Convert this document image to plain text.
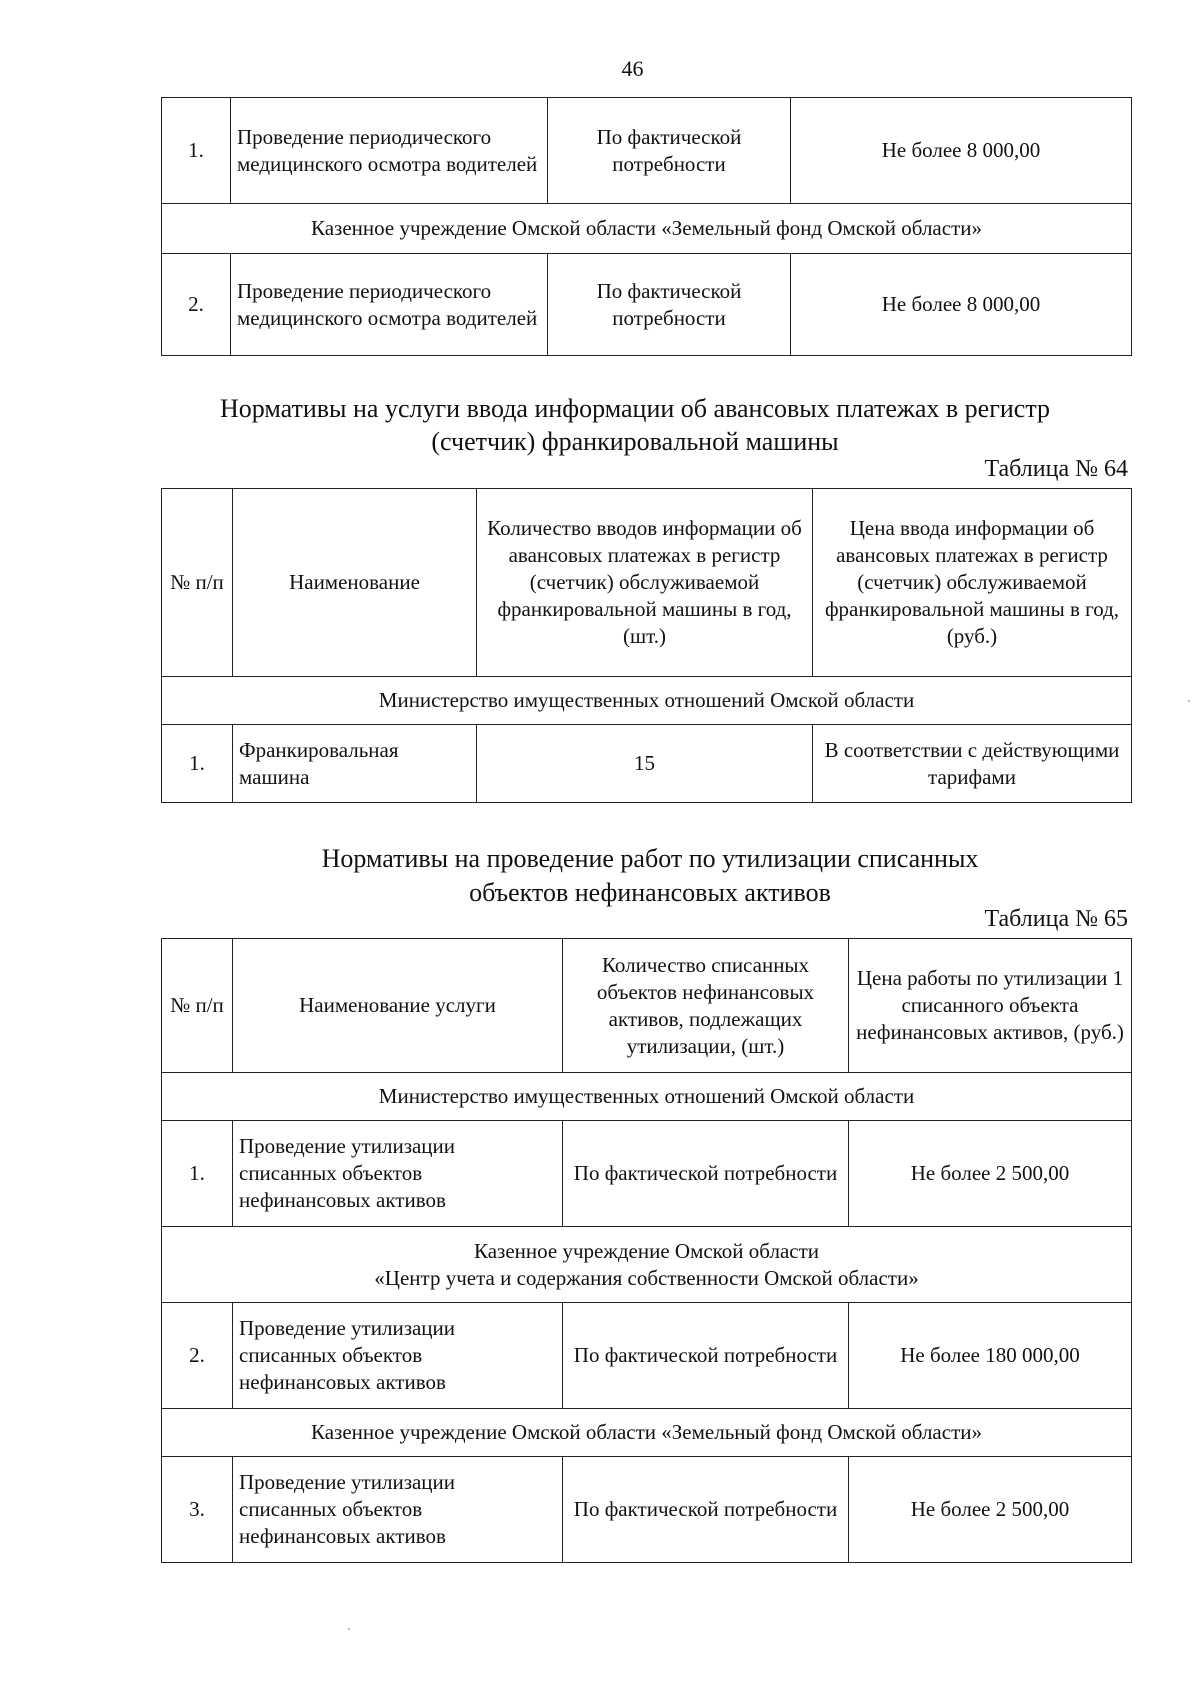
46
1.	Проведение периодического медицинского осмотра водителей	По фактической потребности	Не более 8 000,00
Казенное учреждение Омской области «Земельный фонд Омской области»			
2.	Проведение периодического медицинского осмотра водителей	По фактической потребности	Не более 8 000,00
Нормативы на услуги ввода информации об авансовых платежах в регистр (счетчик) франкировальной машины
Таблица № 64
№ п/п	Наименование	Количество вводов информации об авансовых платежах в регистр (счетчик) обслуживаемой франкировальной машины в год, (шт.)	Цена ввода информации об авансовых платежах в регистр (счетчик) обслуживаемой франкировальной машины в год, (руб.)
Министерство имущественных отношений Омской области			
1.	Франкировальная машина	15	В соответствии с действующими тарифами
Нормативы на проведение работ по утилизации списанных
объектов нефинансовых активов
Таблица № 65
№ п/п	Наименование услуги	Количество списанных объектов нефинансовых активов, подлежащих утилизации, (шт.)	Цена работы по утилизации 1 списанного объекта нефинансовых активов, (руб.)
Министерство имущественных отношений Омской области			
1.	Проведение утилизации списанных объектов нефинансовых активов	По фактической потребности	Не более 2 500,00

Казенное учреждение Омской области
«Центр учета и содержания собственности Омской области»			

2.	Проведение утилизации списанных объектов нефинансовых активов	По фактической потребности	Не более 180 000,00
Казенное учреждение Омской области «Земельный фонд Омской области»			
3.	Проведение утилизации списанных объектов нефинансовых активов	По фактической потребности	Не более 2 500,00
